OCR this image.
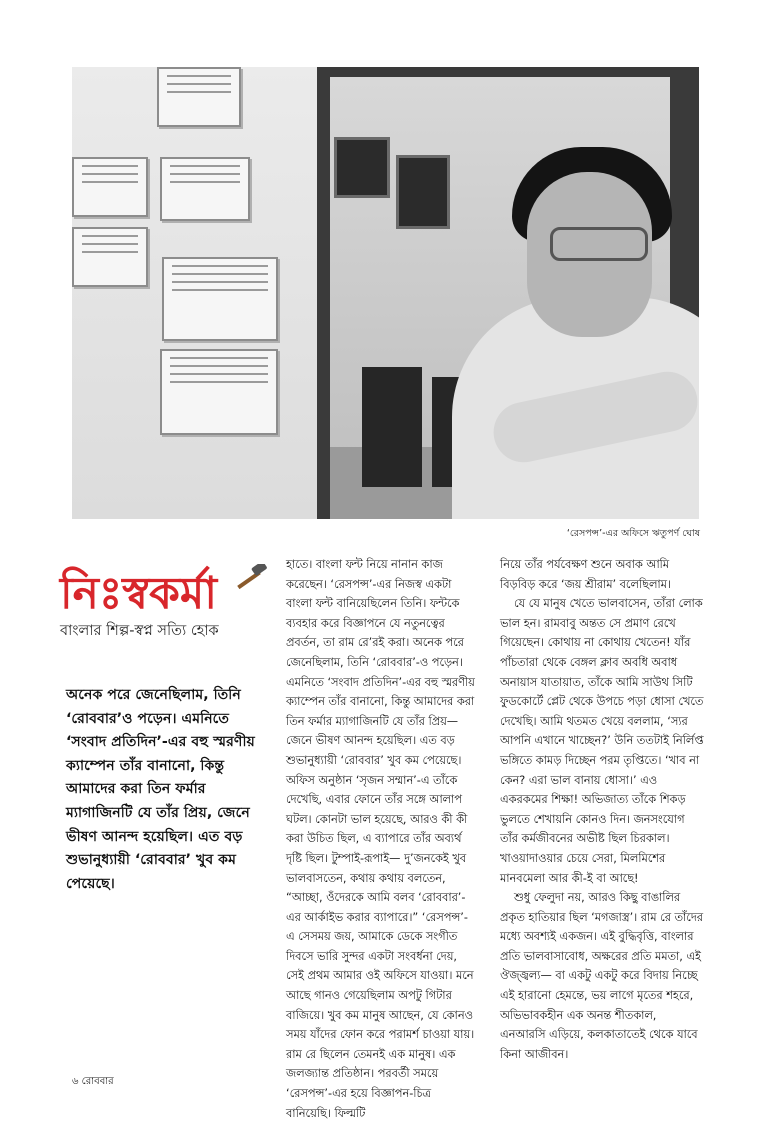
‘রেসপন্স’-এর অফিসে ঋতুপর্ণ ঘোষ
নিঃস্বকর্মা
বাংলার শিল্প-স্বপ্ন সত্যি হোক
অনেক পরে জেনেছিলাম, তিনি ‘রোববার’ও পড়েন। এমনিতে ‘সংবাদ প্রতিদিন’-এর বহু স্মরণীয় ক্যাম্পেন তাঁর বানানো, কিন্তু আমাদের করা তিন ফর্মার ম্যাগাজিনটি যে তাঁর প্রিয়, জেনে ভীষণ আনন্দ হয়েছিল। এত বড় শুভানুধ্যায়ী ‘রোববার’ খুব কম পেয়েছে।

হাতে। বাংলা ফন্ট নিয়ে নানান কাজ করেছেন। ‘রেসপন্স’-এর নিজস্ব একটা বাংলা ফন্ট বানিয়েছিলেন তিনি। ফন্টকে ব্যবহার করে বিজ্ঞাপনে যে নতুনত্বের প্রবর্তন, তা রাম রে’রই করা। অনেক পরে জেনেছিলাম, তিনি ‘রোববার’-ও পড়েন। এমনিতে ‘সংবাদ প্রতিদিন’-এর বহু স্মরণীয় ক্যাম্পেন তাঁর বানানো, কিন্তু আমাদের করা তিন ফর্মার ম্যাগাজিনটি যে তাঁর প্রিয়— জেনে ভীষণ আনন্দ হয়েছিল। এত বড় শুভানুধ্যায়ী ‘রোববার’ খুব কম পেয়েছে। অফিস অনুষ্ঠান ‘সৃজন সম্মান’-এ তাঁকে দেখেছি, এবার ফোনে তাঁর সঙ্গে আলাপ ঘটল। কোনটা ভাল হয়েছে, আরও কী কী করা উচিত ছিল, এ ব্যাপারে তাঁর অব্যর্থ দৃষ্টি ছিল। টুম্পাই-রূপাই— দু’জনকেই খুব ভালবাসতেন, কথায় কথায় বলতেন, “আচ্ছা, ওঁদেরকে আমি বলব ‘রোববার’-এর আর্কাইভ করার ব্যাপারে।” ‘রেসপন্স’-এ সেসময় জয়, আমাকে ডেকে সংগীত দিবসে ভারি সুন্দর একটা সংবর্ধনা দেয়, সেই প্রথম আমার ওই অফিসে যাওয়া। মনে আছে গানও গেয়েছিলাম অপটু গিটার বাজিয়ে। খুব কম মানুষ আছেন, যে কোনও সময় যাঁদের ফোন করে পরামর্শ চাওয়া যায়। রাম রে ছিলেন তেমনই এক মানুষ। এক জলজ্যান্ত প্রতিষ্ঠান। পরবর্তী সময়ে ‘রেসপন্স’-এর হয়ে বিজ্ঞাপন-চিত্র বানিয়েছি। ফিল্মটি

নিয়ে তাঁর পর্যবেক্ষণ শুনে অবাক আমি বিড়বিড় করে ‘জয় শ্রীরাম’ বলেছিলাম।

যে যে মানুষ খেতে ভালবাসেন, তাঁরা লোক ভাল হন। রামবাবু অন্তত সে প্রমাণ রেখে গিয়েছেন। কোথায় না কোথায় খেতেন! যাঁর পাঁচতারা থেকে বেঙ্গল ক্লাব অবধি অবাধ অনায়াস যাতায়াত, তাঁকে আমি সাউথ সিটি ফুডকোর্টে প্লেট থেকে উপচে পড়া ধোসা খেতে দেখেছি। আমি থতমত খেয়ে বললাম, ‘স্যর আপনি এখানে খাচ্ছেন?’ উনি ততটাই নির্লিপ্ত ভঙ্গিতে কামড় দিচ্ছেন পরম তৃপ্তিতে। ‘খাব না কেন? এরা ভাল বানায় ধোসা।’ এও একরকমের শিক্ষা! অভিজাত্য তাঁকে শিকড় ভুলতে শেখায়নি কোনও দিন। জনসংযোগ তাঁর কর্মজীবনের অভীষ্ট ছিল চিরকাল। খাওয়াদাওয়ার চেয়ে সেরা, মিলমিশের মানবমেলা আর কী-ই বা আছে!

শুধু ফেলুদা নয়, আরও কিছু বাঙালির প্রকৃত হাতিয়ার ছিল ‘মগজাস্ত্র’। রাম রে তাঁদের মধ্যে অবশ্যই একজন। এই বুদ্ধিবৃত্তি, বাংলার প্রতি ভালবাসাবোধ, অক্ষরের প্রতি মমতা, এই ঔজ্জ্বল্য— বা একটু একটু করে বিদায় নিচ্ছে এই হারানো হেমন্তে, ভয় লাগে মৃতের শহরে, অভিভাবকহীন এক অনন্ত শীতকাল, এনআরসি এড়িয়ে, কলকাতাতেই থেকে যাবে কিনা আজীবন।

৬ রোববার
